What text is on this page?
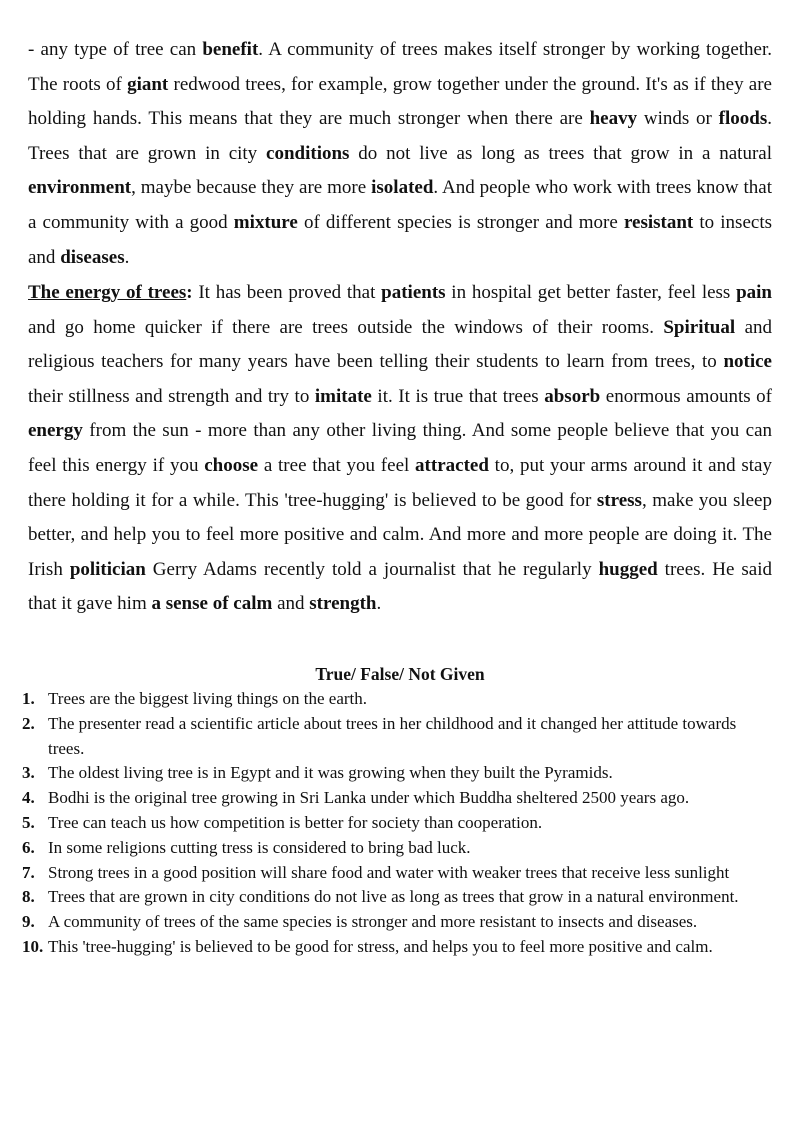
- any type of tree can benefit. A community of trees makes itself stronger by working together. The roots of giant redwood trees, for example, grow together under the ground. It's as if they are holding hands. This means that they are much stronger when there are heavy winds or floods. Trees that are grown in city conditions do not live as long as trees that grow in a natural environment, maybe because they are more isolated. And people who work with trees know that a community with a good mixture of different species is stronger and more resistant to insects and diseases.

The energy of trees: It has been proved that patients in hospital get better faster, feel less pain and go home quicker if there are trees outside the windows of their rooms. Spiritual and religious teachers for many years have been telling their students to learn from trees, to notice their stillness and strength and try to imitate it. It is true that trees absorb enormous amounts of energy from the sun - more than any other living thing. And some people believe that you can feel this energy if you choose a tree that you feel attracted to, put your arms around it and stay there holding it for a while. This 'tree-hugging' is believed to be good for stress, make you sleep better, and help you to feel more positive and calm. And more and more people are doing it. The Irish politician Gerry Adams recently told a journalist that he regularly hugged trees. He said that it gave him a sense of calm and strength.

True/ False/ Not Given
1. Trees are the biggest living things on the earth.
2. The presenter read a scientific article about trees in her childhood and it changed her attitude towards trees.
3. The oldest living tree is in Egypt and it was growing when they built the Pyramids.
4. Bodhi is the original tree growing in Sri Lanka under which Buddha sheltered 2500 years ago.
5. Tree can teach us how competition is better for society than cooperation.
6. In some religions cutting tress is considered to bring bad luck.
7. Strong trees in a good position will share food and water with weaker trees that receive less sunlight
8. Trees that are grown in city conditions do not live as long as trees that grow in a natural environment.
9. A community of trees of the same species is stronger and more resistant to insects and diseases.
10. This 'tree-hugging' is believed to be good for stress, and helps you to feel more positive and calm.
